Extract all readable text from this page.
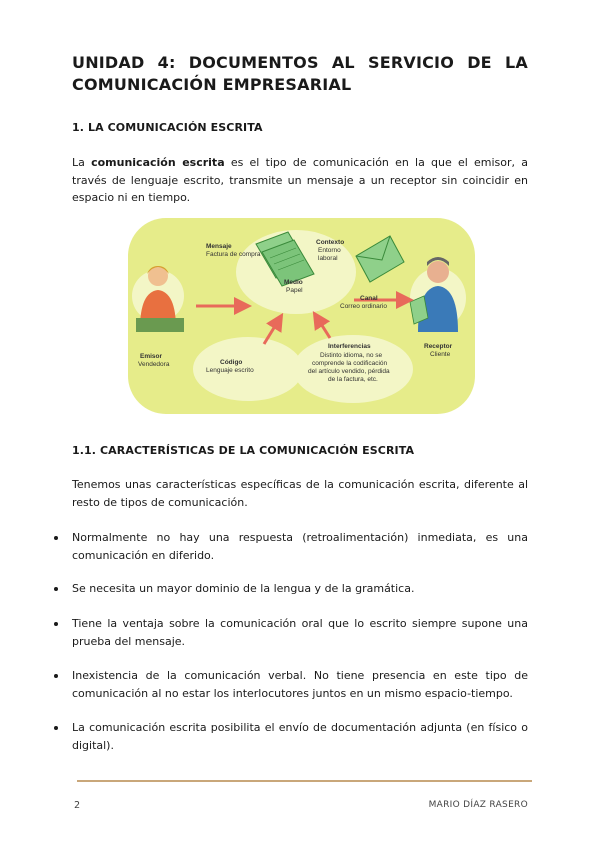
UNIDAD 4: DOCUMENTOS AL SERVICIO DE LA
COMUNICACIÓN EMPRESARIAL
1. LA COMUNICACIÓN ESCRITA
La comunicación escrita es el tipo de comunicación en la que el emisor, a través de lenguaje escrito, transmite un mensaje a un receptor sin coincidir en espacio ni en tiempo.
Mensaje
Factura de compra
Contexto
Entorno
laboral
Medio
Papel
Canal
Correo ordinario
Emisor
Vendedora	Código
Lenguaje escrito
Interferencias
Distinto idioma, no se
comprende la codificación
del artículo vendido, pérdida
de la factura, etc.
Receptor
Cliente
1.1. CARACTERÍSTICAS DE LA COMUNICACIÓN ESCRITA
Tenemos unas características específicas de la comunicación escrita, diferente al resto de tipos de comunicación.
Normalmente no hay una respuesta (retroalimentación) inmediata, es una comunicación en diferido.
Se necesita un mayor dominio de la lengua y de la gramática.
Tiene la ventaja sobre la comunicación oral que lo escrito siempre supone una prueba del mensaje.
Inexistencia de la comunicación verbal. No tiene presencia en este tipo de comunicación al no estar los interlocutores juntos en un mismo espacio-tiempo.
La comunicación escrita posibilita el envío de documentación adjunta (en físico o digital).
2	MARIO DÍAZ RASERO
